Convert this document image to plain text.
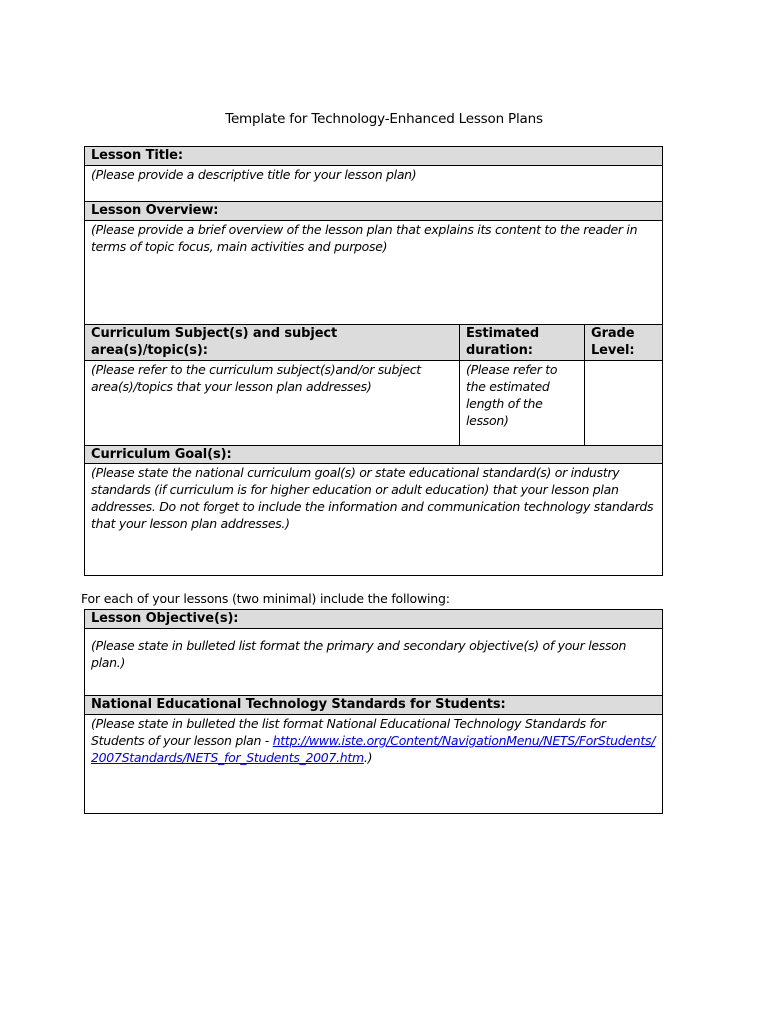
Template for Technology-Enhanced Lesson Plans
Lesson Title:		
(Please provide a descriptive title for your lesson plan)		
Lesson Overview:		
(Please provide a brief overview of the lesson plan that explains its content to the reader in terms of topic focus, main activities and purpose)		
Curriculum Subject(s) and subject area(s)/topic(s):	Estimated duration:	Grade Level:
(Please refer to the curriculum subject(s)and/or subject area(s)/topics that your lesson plan addresses)	(Please refer to the estimated length of the lesson)	
Curriculum Goal(s):		
(Please state the national curriculum goal(s) or state educational standard(s) or industry standards (if curriculum is for higher education or adult education) that your lesson plan addresses. Do not forget to include the information and communication technology standards that your lesson plan addresses.)		
For each of your lessons (two minimal) include the following:
Lesson Objective(s):
(Please state in bulleted list format the primary and secondary objective(s) of your lesson plan.)
National Educational Technology Standards for Students:
(Please state in bulleted the list format National Educational Technology Standards for Students of your lesson plan - http://www.iste.org/Content/NavigationMenu/NETS/ForStudents/2007Standards/NETS_for_Students_2007.htm.)
